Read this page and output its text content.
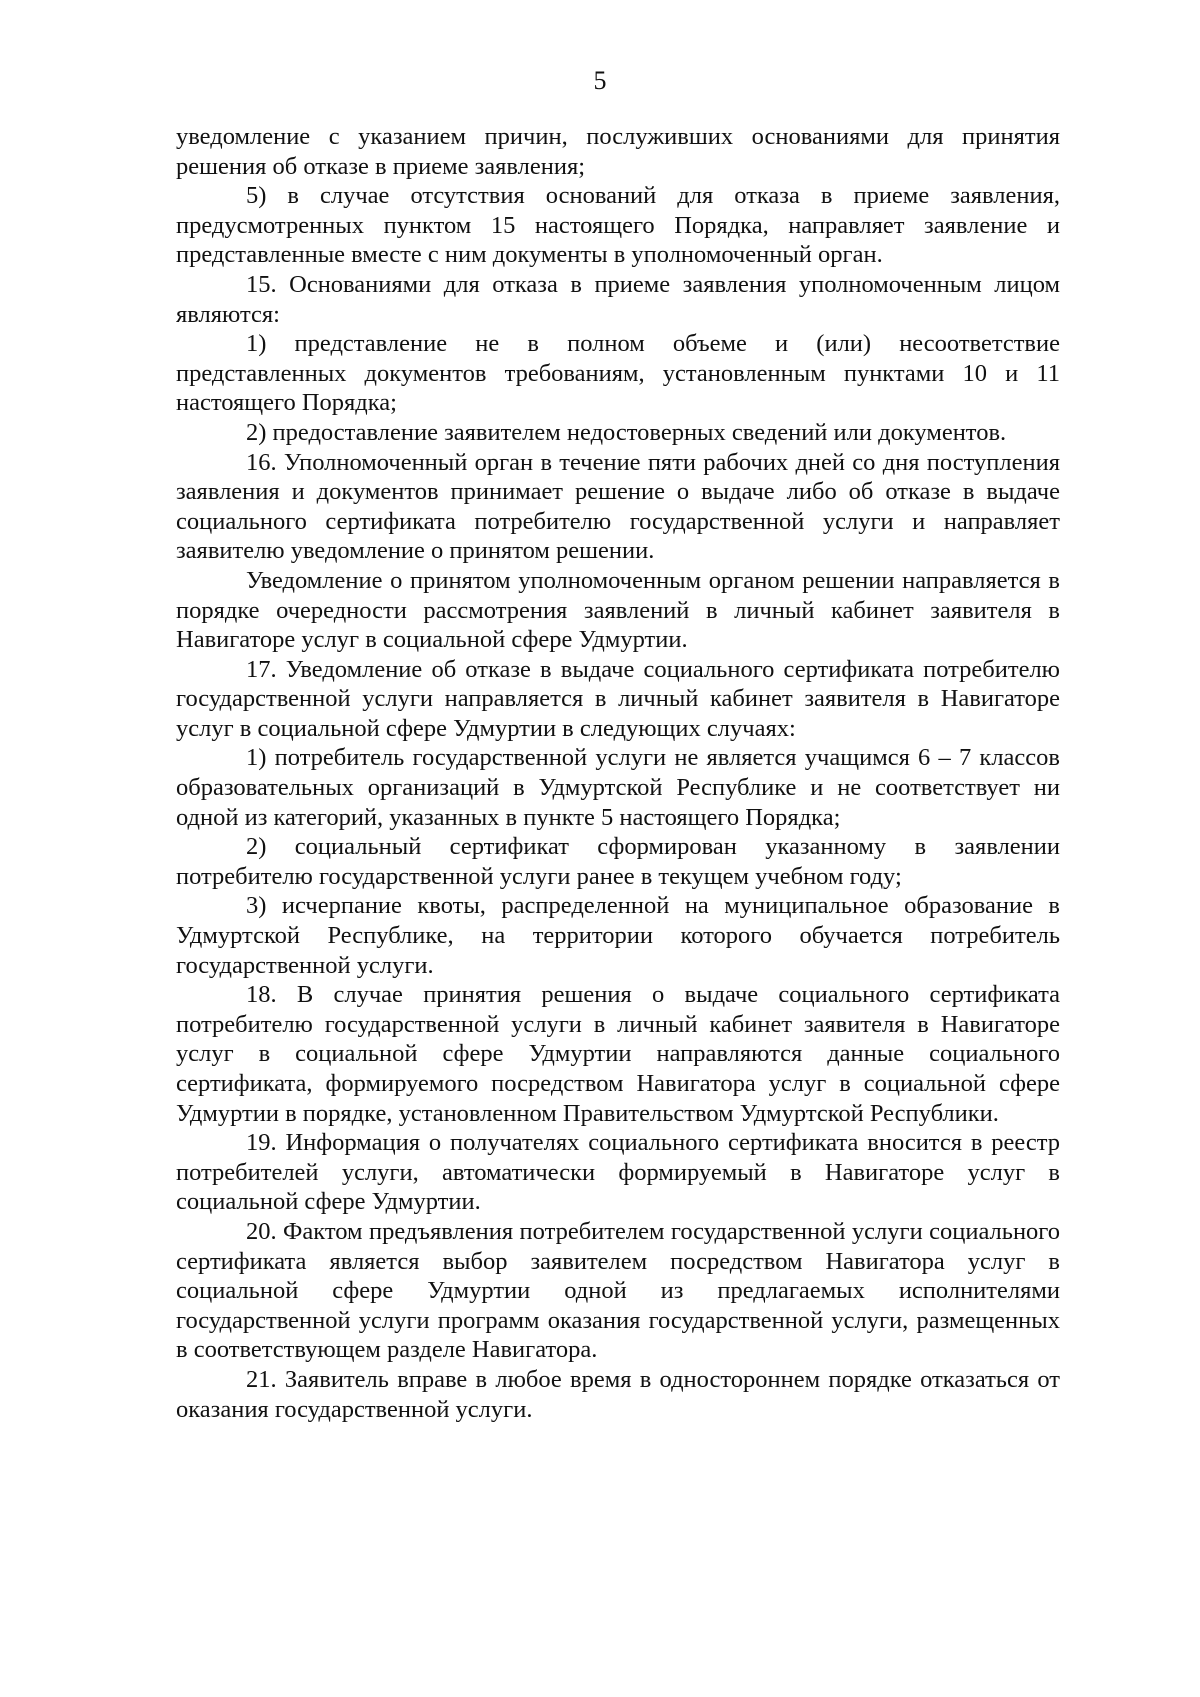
5

уведомление с указанием причин, послуживших основаниями для принятия решения об отказе в приеме заявления;

5) в случае отсутствия оснований для отказа в приеме заявления, предусмотренных пунктом 15 настоящего Порядка, направляет заявление и представленные вместе с ним документы в уполномоченный орган.

15. Основаниями для отказа в приеме заявления уполномоченным лицом являются:

1) представление не в полном объеме и (или) несоответствие представленных документов требованиям, установленным пунктами 10 и 11 настоящего Порядка;

2) предоставление заявителем недостоверных сведений или документов.

16. Уполномоченный орган в течение пяти рабочих дней со дня поступления заявления и документов принимает решение о выдаче либо об отказе в выдаче социального сертификата потребителю государственной услуги и направляет заявителю уведомление о принятом решении.

Уведомление о принятом уполномоченным органом решении направляется в порядке очередности рассмотрения заявлений в личный кабинет заявителя в Навигаторе услуг в социальной сфере Удмуртии.

17. Уведомление об отказе в выдаче социального сертификата потребителю государственной услуги направляется в личный кабинет заявителя в Навигаторе услуг в социальной сфере Удмуртии в следующих случаях:

1) потребитель государственной услуги не является учащимся 6 – 7 классов образовательных организаций в Удмуртской Республике и не соответствует ни одной из категорий, указанных в пункте 5 настоящего Порядка;

2) социальный сертификат сформирован указанному в заявлении потребителю государственной услуги ранее в текущем учебном году;

3) исчерпание квоты, распределенной на муниципальное образование в Удмуртской Республике, на территории которого обучается потребитель государственной услуги.

18. В случае принятия решения о выдаче социального сертификата потребителю государственной услуги в личный кабинет заявителя в Навигаторе услуг в социальной сфере Удмуртии направляются данные социального сертификата, формируемого посредством Навигатора услуг в социальной сфере Удмуртии в порядке, установленном Правительством Удмуртской Республики.

19. Информация о получателях социального сертификата вносится в реестр потребителей услуги, автоматически формируемый в Навигаторе услуг в социальной сфере Удмуртии.

20. Фактом предъявления потребителем государственной услуги социального сертификата является выбор заявителем посредством Навигатора услуг в социальной сфере Удмуртии одной из предлагаемых исполнителями государственной услуги программ оказания государственной услуги, размещенных в соответствующем разделе Навигатора.

21. Заявитель вправе в любое время в одностороннем порядке отказаться от оказания государственной услуги.
